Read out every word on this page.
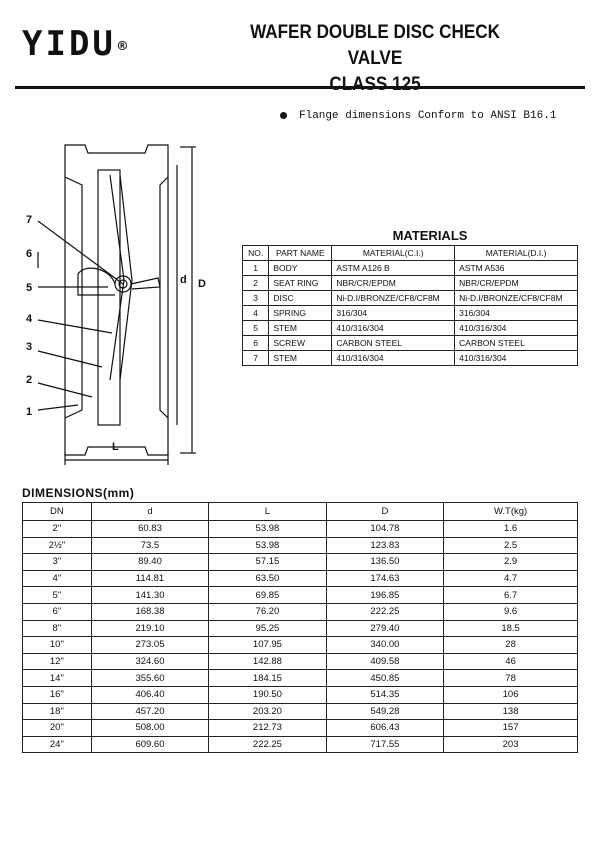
YIDU ®
WAFER DOUBLE DISC CHECK VALVE
CLASS 125
Flange dimensions Conform to ANSI B16.1
1
2
3
4
5
6
7
L
D
d
MATERIALS
NO.	PART NAME	MATERIAL(C.I.)	MATERIAL(D.I.)
1	BODY	ASTM A126 B	ASTM A536
2	SEAT RING	NBR/CR/EPDM	NBR/CR/EPDM
3	DISC	Ni-D.I/BRONZE/CF8/CF8M	Ni-D.I/BRONZE/CF8/CF8M
4	SPRING	316/304	316/304
5	STEM	410/316/304	410/316/304
6	SCREW	CARBON STEEL	CARBON STEEL
7	STEM	410/316/304	410/316/304
DIMENSIONS(mm)
DN	d	L	D	W.T(kg)
2"	60.83	53.98	104.78	1.6
2½"	73.5	53.98	123.83	2.5
3"	89.40	57.15	136.50	2.9
4"	114.81	63.50	174.63	4.7
5"	141.30	69.85	196.85	6.7
6"	168.38	76.20	222.25	9.6
8"	219.10	95.25	279.40	18.5
10"	273.05	107.95	340.00	28
12"	324.60	142.88	409.58	46
14"	355.60	184.15	450.85	78
16"	406.40	190.50	514.35	106
18"	457.20	203.20	549.28	138
20"	508.00	212.73	606.43	157
24"	609.60	222.25	717.55	203
